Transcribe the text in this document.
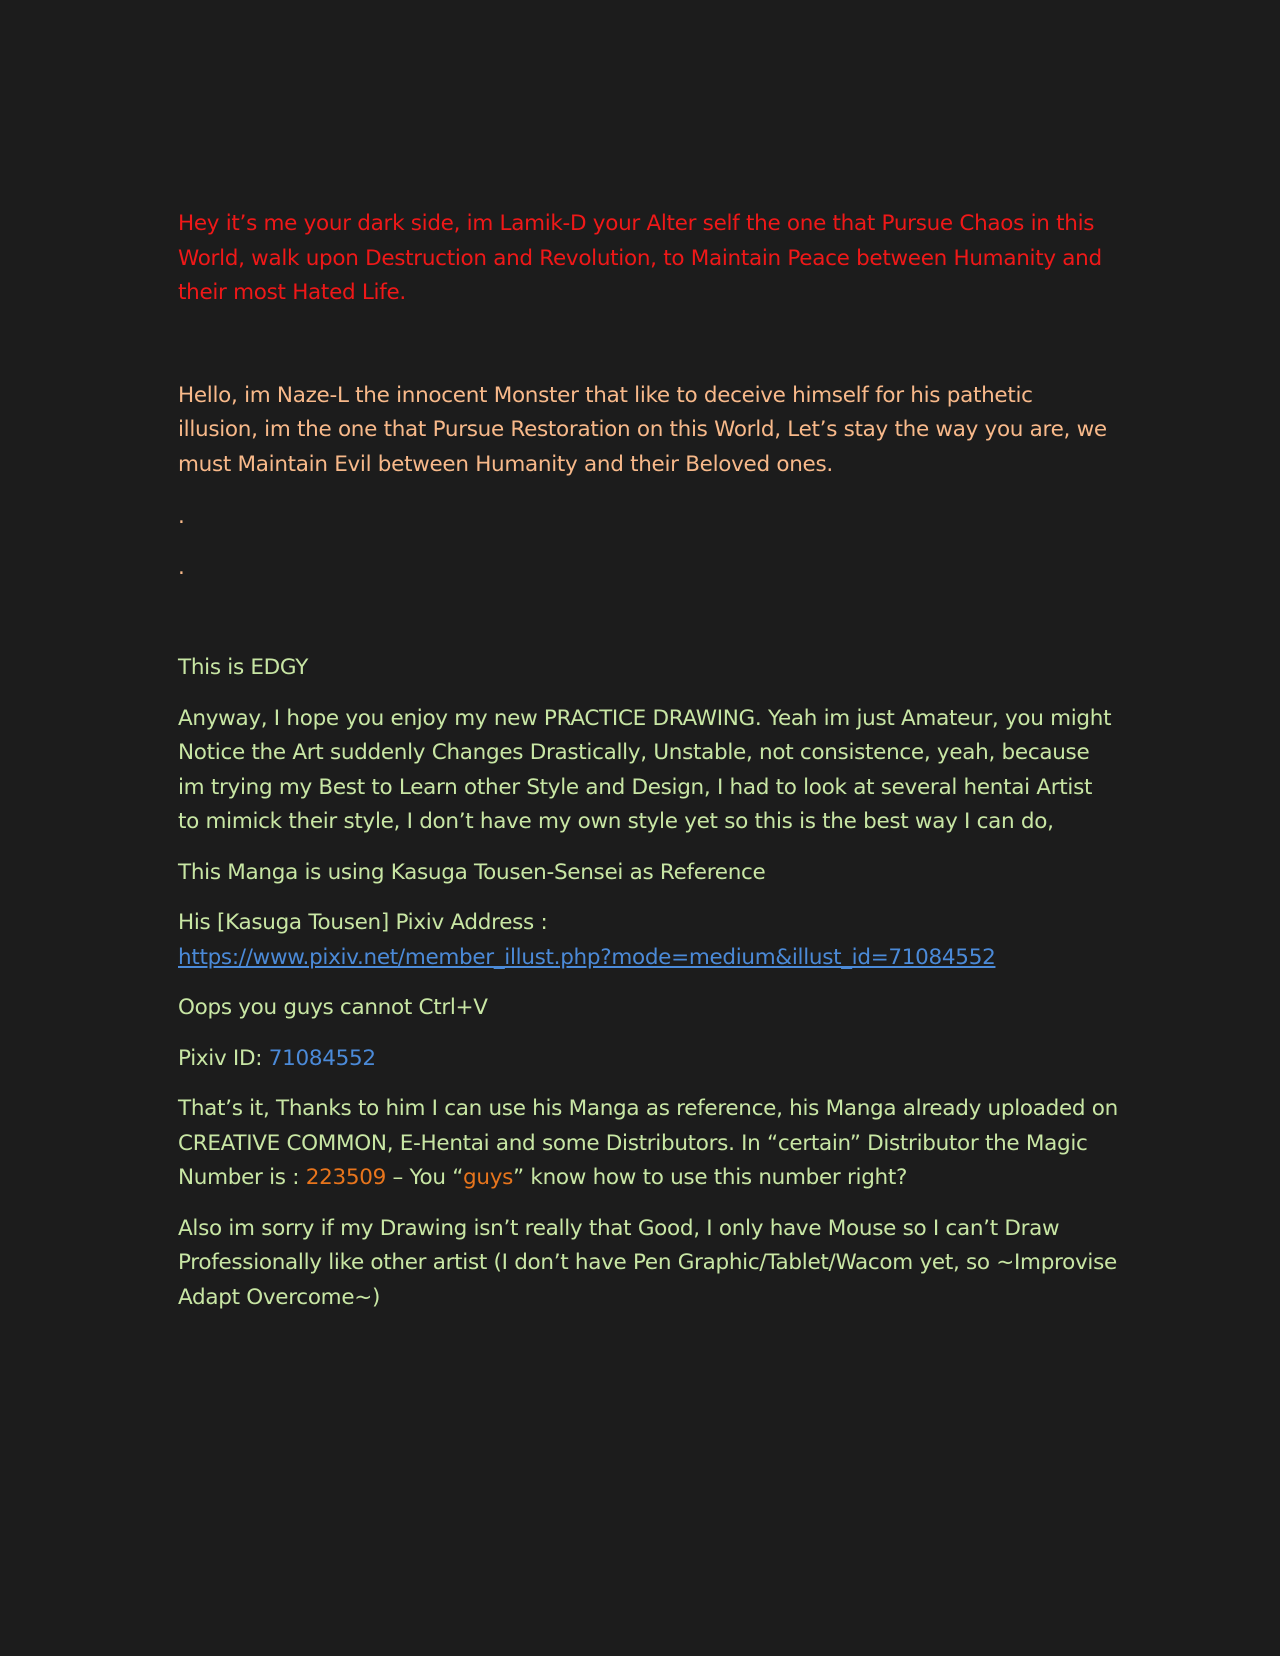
Hey it’s me your dark side, im Lamik-D your Alter self the one that Pursue Chaos in this World, walk upon Destruction and Revolution, to Maintain Peace between Humanity and their most Hated Life.

Hello, im Naze-L the innocent Monster that like to deceive himself for his pathetic illusion, im the one that Pursue Restoration on this World, Let’s stay the way you are, we must Maintain Evil between Humanity and their Beloved ones.

.

.

This is EDGY

Anyway, I hope you enjoy my new PRACTICE DRAWING. Yeah im just Amateur, you might Notice the Art suddenly Changes Drastically, Unstable, not consistence, yeah, because im trying my Best to Learn other Style and Design, I had to look at several hentai Artist to mimick their style, I don’t have my own style yet so this is the best way I can do,

This Manga is using Kasuga Tousen-Sensei as Reference

His [Kasuga Tousen] Pixiv Address :
https://www.pixiv.net/member_illust.php?mode=medium&illust_id=71084552

Oops you guys cannot Ctrl+V

Pixiv ID: 71084552

That’s it, Thanks to him I can use his Manga as reference, his Manga already uploaded on CREATIVE COMMON, E-Hentai and some Distributors. In “certain” Distributor the Magic Number is : 223509 – You “guys” know how to use this number right?

Also im sorry if my Drawing isn’t really that Good, I only have Mouse so I can’t Draw Professionally like other artist (I don’t have Pen Graphic/Tablet/Wacom yet, so ~Improvise Adapt Overcome~)
